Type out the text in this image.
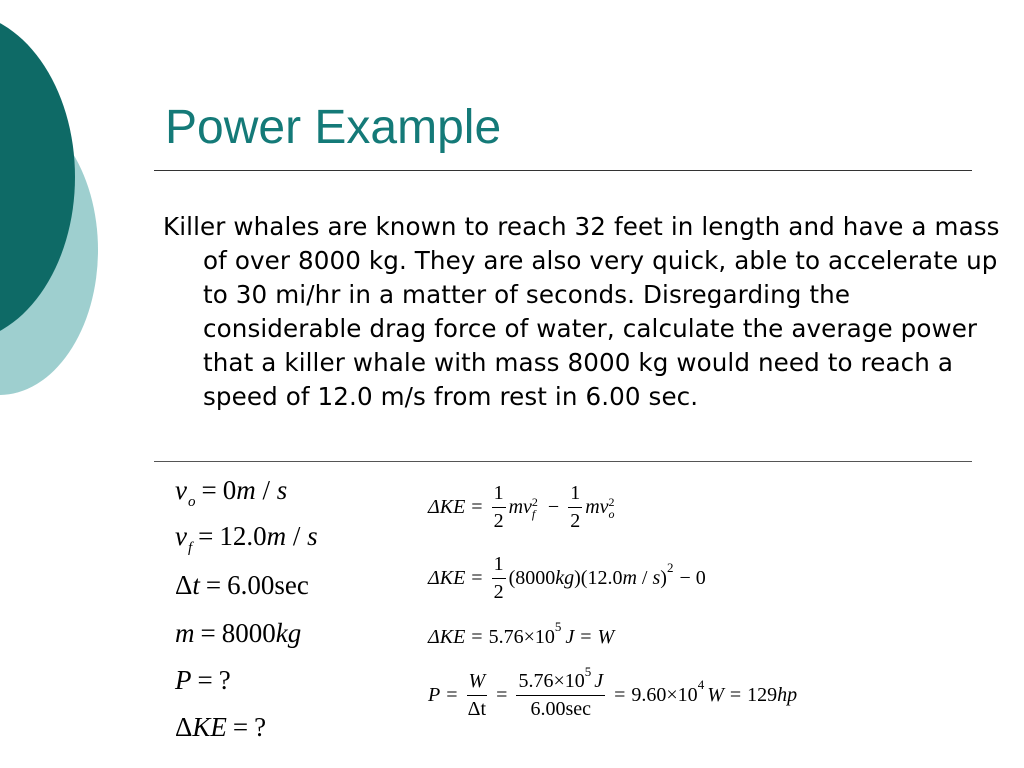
Power Example

Killer whales are known to reach 32 feet in length and have a mass of over 8000 kg. They are also very quick, able to accelerate up to 30 mi/hr in a matter of seconds. Disregarding the considerable drag force of water, calculate the average power that a killer whale with mass 8000 kg would need to reach a speed of 12.0 m/s from rest in 6.00 sec.

$v_o = 0m / s$
$v_f = 12.0m / s$
Δt = 6.00sec
m = 8000kg
P = ?
ΔKE = ?
$\Delta KE = \frac{1}{2}$ mv 2
$f - \frac{1}{2}$ mv 2
o
$\Delta KE = \frac{1}{2} (8000$ kg )(12.0 m / s ) 2 − 0
ΔKE = 5.76×10 5 J = W
$P = \frac{W}{\Delta t} = \frac{5.76\times 10^5 J}{6.00\sec} = 9.60\times 10$ 4 W = 129 hp
